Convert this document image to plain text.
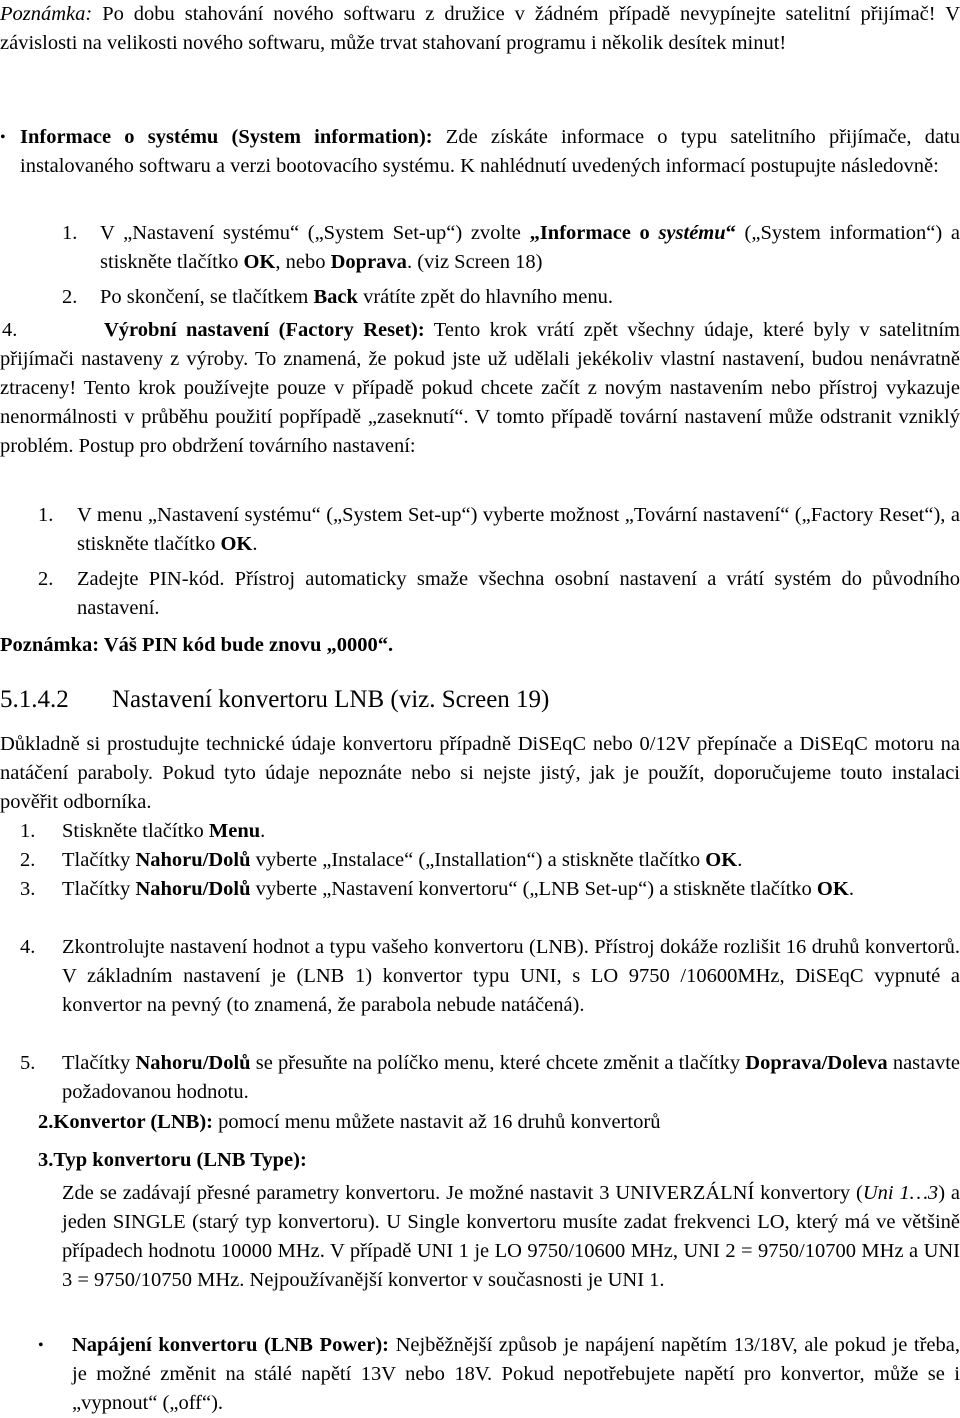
Poznámka: Po dobu stahování nového softwaru z družice v žádném případě nevypínejte satelitní přijímač! V závislosti na velikosti nového softwaru, může trvat stahovaní programu i několik desítek minut!

• Informace o systému (System information): Zde získáte informace o typu satelitního přijímače, datu instalovaného softwaru a verzi bootovacího systému. K nahlédnutí uvedených informací postupujte následovně:

1. V „Nastavení systému“ („System Set-up“) zvolte „Informace o systému“ („System information“) a stiskněte tlačítko OK, nebo Doprava. (viz Screen 18)

2. Po skončení, se tlačítkem Back vrátíte zpět do hlavního menu.

4.	Výrobní nastavení (Factory Reset): Tento krok vrátí zpět všechny údaje, které byly v satelitním přijímači nastaveny z výroby. To znamená, že pokud jste už udělali jekékoliv vlastní nastavení, budou nenávratně ztraceny! Tento krok používejte pouze v případě pokud chcete začít z novým nastavením nebo přístroj vykazuje nenormálnosti v průběhu použití popřípadě „zaseknutí“. V tomto případě tovární nastavení může odstranit vzniklý problém. Postup pro obdržení továrního nastavení:

1. V menu „Nastavení systému“ („System Set-up“) vyberte možnost „Tovární nastavení“ („Factory Reset“), a stiskněte tlačítko OK.

2. Zadejte PIN-kód. Přístroj automaticky smaže všechna osobní nastavení a vrátí systém do původního nastavení.

Poznámka: Váš PIN kód bude znovu „0000“.

5.1.4.2 Nastavení konvertoru LNB (viz. Screen 19)

Důkladně si prostudujte technické údaje konvertoru případně DiSEqC nebo 0/12V přepínače a DiSEqC motoru na natáčení paraboly. Pokud tyto údaje nepoznáte nebo si nejste jistý, jak je použít, doporučujeme touto instalaci pověřit odborníka.

1. Stiskněte tlačítko Menu.

2. Tlačítky Nahoru/Dolů vyberte „Instalace“ („Installation“) a stiskněte tlačítko OK.

3. Tlačítky Nahoru/Dolů vyberte „Nastavení konvertoru“ („LNB Set-up“) a stiskněte tlačítko OK.

4. Zkontrolujte nastavení hodnot a typu vašeho konvertoru (LNB). Přístroj dokáže rozlišit 16 druhů konvertorů. V základním nastavení je (LNB 1) konvertor typu UNI, s LO 9750 /10600MHz, DiSEqC vypnuté a konvertor na pevný (to znamená, že parabola nebude natáčená).

5. Tlačítky Nahoru/Dolů se přesuňte na políčko menu, které chcete změnit a tlačítky Doprava/Doleva nastavte požadovanou hodnotu.

2.Konvertor (LNB): pomocí menu můžete nastavit až 16 druhů konvertorů

3.Typ konvertoru (LNB Type):

Zde se zadávají přesné parametry konvertoru. Je možné nastavit 3 UNIVERZÁLNÍ konvertory (Uni 1…3) a jeden SINGLE (starý typ konvertoru). U Single konvertoru musíte zadat frekvenci LO, který má ve většině případech hodnotu 10000 MHz. V případě UNI 1 je LO 9750/10600 MHz, UNI 2 = 9750/10700 MHz a UNI 3 = 9750/10750 MHz. Nejpoužívanější konvertor v současnosti je UNI 1.

• Napájení konvertoru (LNB Power): Nejběžnější způsob je napájení napětím 13/18V, ale pokud je třeba, je možné změnit na stálé napětí 13V nebo 18V. Pokud nepotřebujete napětí pro konvertor, může se i „vypnout“ („off“).
